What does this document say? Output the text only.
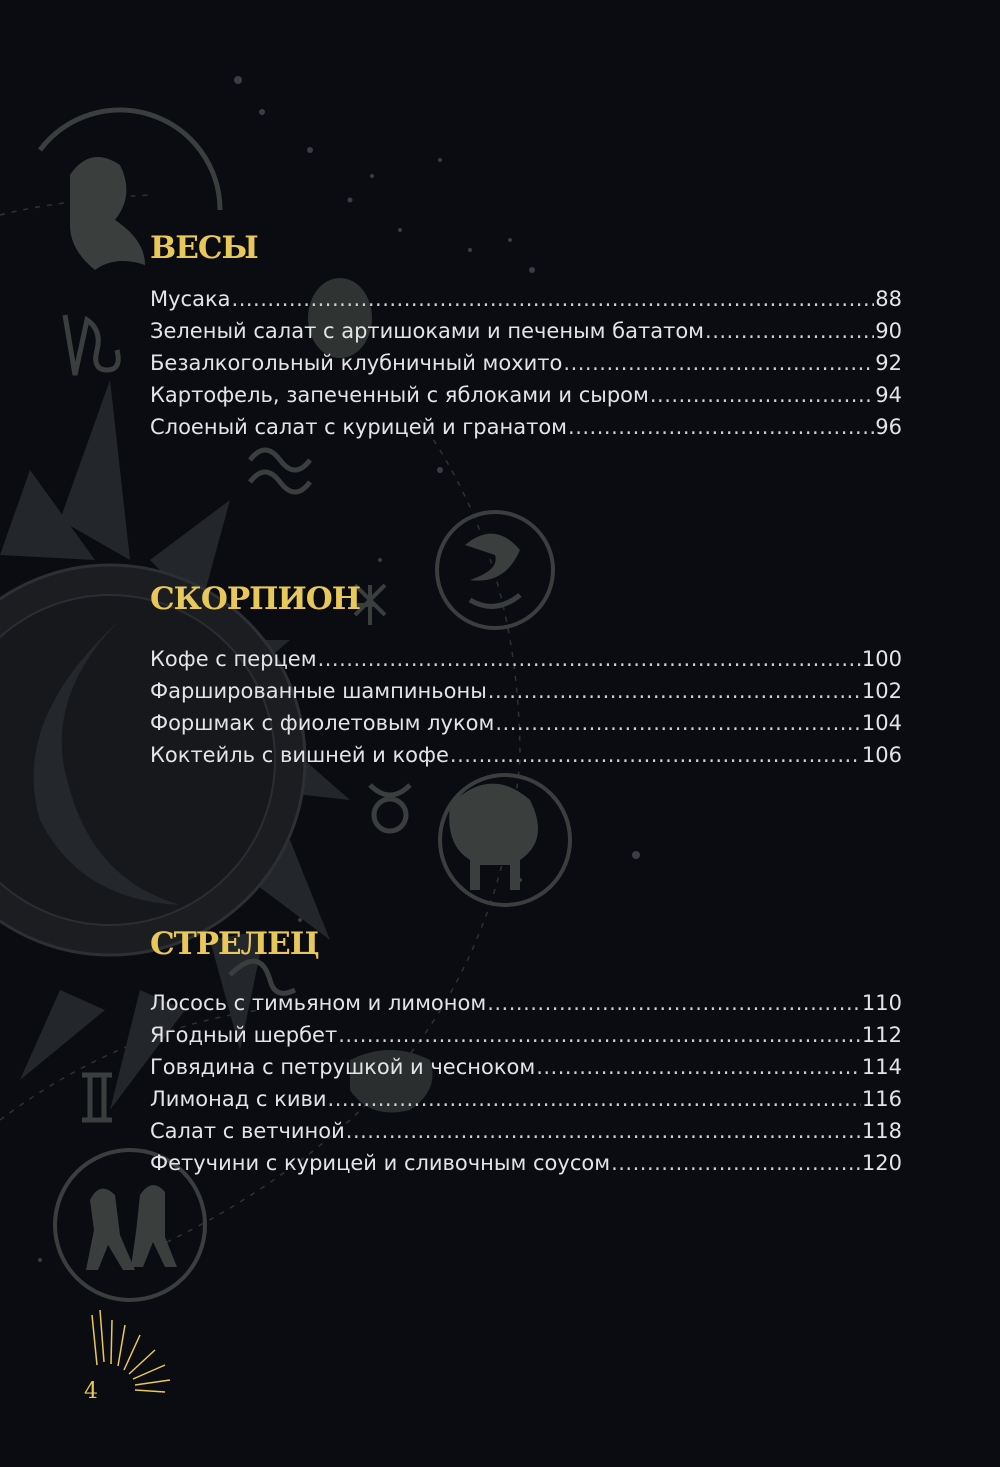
ВЕСЫ
Мусака .....	88
Зеленый салат с артишоками и печеным бататом .....	90
Безалкогольный клубничный мохито .....	92
Картофель, запеченный с яблоками и сыром .....	94
Слоеный салат с курицей и гранатом .....	96
СКОРПИОН
Кофе с перцем .....	100
Фаршированные шампиньоны .....	102
Форшмак с фиолетовым луком .....	104
Коктейль с вишней и кофе .....	106
СТРЕЛЕЦ
Лосось с тимьяном и лимоном .....	110
Ягодный шербет .....	112
Говядина с петрушкой и чесноком .....	114
Лимонад с киви .....	116
Салат с ветчиной .....	118
Фетучини с курицей и сливочным соусом .....	120
4
